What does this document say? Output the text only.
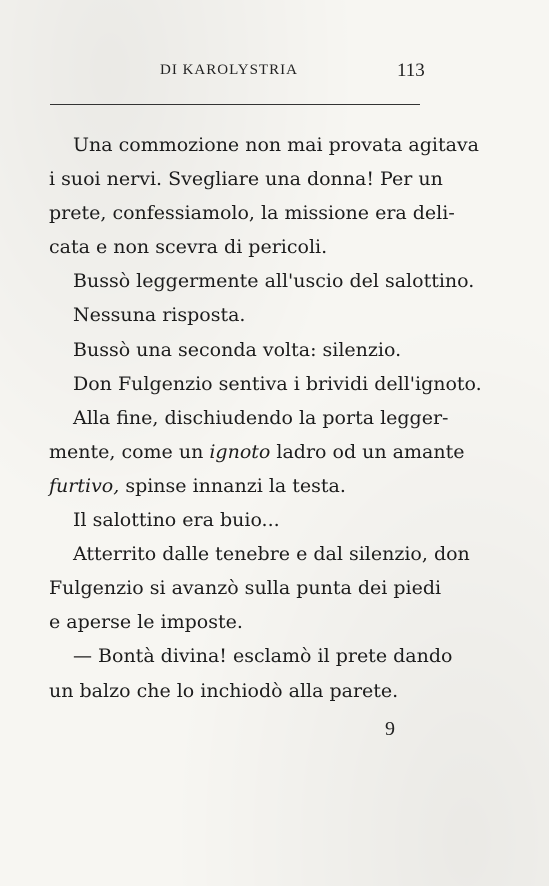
DI KAROLYSTRIA	113
Una commozione non mai provata agitava
i suoi nervi. Svegliare una donna! Per un
prete, confessiamolo, la missione era deli-
cata e non scevra di pericoli.
Bussò leggermente all'uscio del salottino.
Nessuna risposta.
Bussò una seconda volta: silenzio.
Don Fulgenzio sentiva i brividi dell'ignoto.
Alla fine, dischiudendo la porta legger-
mente, come un ignoto ladro od un amante
furtivo, spinse innanzi la testa.
Il salottino era buio...
Atterrito dalle tenebre e dal silenzio, don
Fulgenzio si avanzò sulla punta dei piedi
e aperse le imposte.
— Bontà divina! esclamò il prete dando
un balzo che lo inchiodò alla parete.
9
